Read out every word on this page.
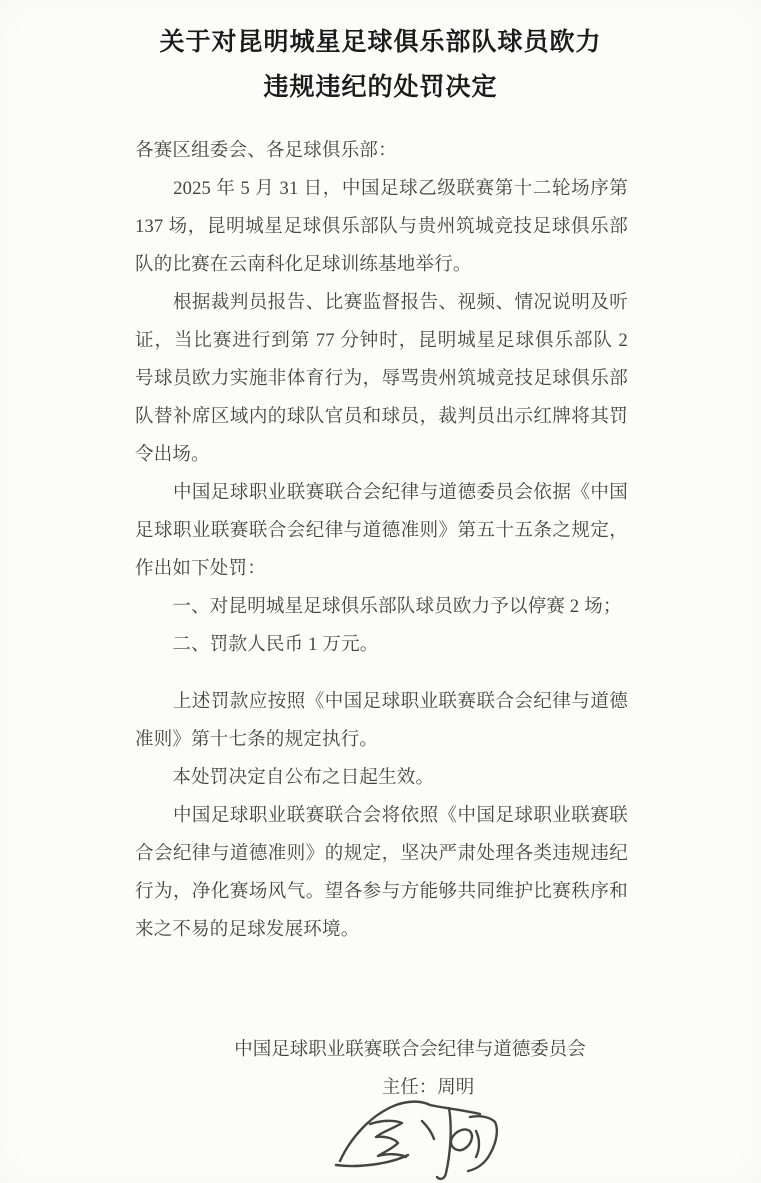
关于对昆明城星足球俱乐部队球员欧力
违规违纪的处罚决定

各赛区组委会、各足球俱乐部：

　　2025 年 5 月 31 日，中国足球乙级联赛第十二轮场序第
137 场，昆明城星足球俱乐部队与贵州筑城竞技足球俱乐部
队的比赛在云南科化足球训练基地举行。

　　根据裁判员报告、比赛监督报告、视频、情况说明及听
证，当比赛进行到第 77 分钟时，昆明城星足球俱乐部队 2
号球员欧力实施非体育行为，辱骂贵州筑城竞技足球俱乐部
队替补席区域内的球队官员和球员，裁判员出示红牌将其罚
令出场。

　　中国足球职业联赛联合会纪律与道德委员会依据《中国
足球职业联赛联合会纪律与道德准则》第五十五条之规定，
作出如下处罚：

　　一、对昆明城星足球俱乐部队球员欧力予以停赛 2 场；

　　二、罚款人民币 1 万元。

　　上述罚款应按照《中国足球职业联赛联合会纪律与道德
准则》第十七条的规定执行。

　　本处罚决定自公布之日起生效。

　　中国足球职业联赛联合会将依照《中国足球职业联赛联
合会纪律与道德准则》的规定，坚决严肃处理各类违规违纪
行为，净化赛场风气。望各参与方能够共同维护比赛秩序和
来之不易的足球发展环境。

中国足球职业联赛联合会纪律与道德委员会
主任：周明
